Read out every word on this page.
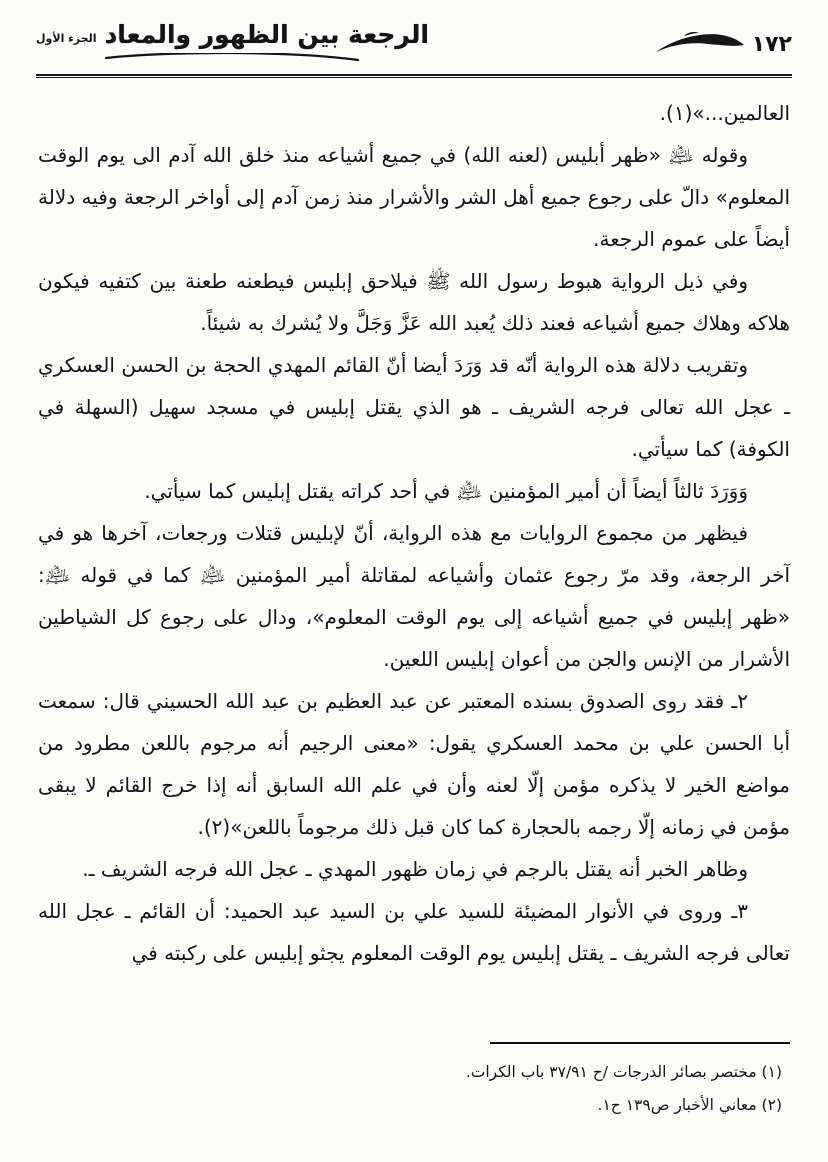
١٧٢
الرجعة بين الظهور والمعاد
الجزء الأول

العالمين...»(١).

وقوله ﵇ «ظهر أبليس (لعنه الله) في جميع أشياعه منذ خلق الله آدم الى يوم الوقت المعلوم» دالّ على رجوع جميع أهل الشر والأشرار منذ زمن آدم إلى أواخر الرجعة وفيه دلالة أيضاً على عموم الرجعة.

وفي ذيل الرواية هبوط رسول الله ﷺ فيلاحق إبليس فيطعنه طعنة بين كتفيه فيكون هلاكه وهلاك جميع أشياعه فعند ذلك يُعبد الله عَزَّ وَجَلَّ ولا يُشرك به شيئاً.

وتقريب دلالة هذه الرواية أنّه قد وَرَدَ أيضا أنّ القائم المهدي الحجة بن الحسن العسكري ـ عجل الله تعالى فرجه الشريف ـ هو الذي يقتل إبليس في مسجد سهيل (السهلة في الكوفة) كما سيأتي.

وَوَرَدَ ثالثاً أيضاً أن أمير المؤمنين ﵇ في أحد كراته يقتل إبليس كما سيأتي.

فيظهر من مجموع الروايات مع هذه الرواية، أنّ لإبليس قتلات ورجعات، آخرها هو في آخر الرجعة، وقد مرّ رجوع عثمان وأشياعه لمقاتلة أمير المؤمنين ﵇ كما في قوله ﵇: «ظهر إبليس في جميع أشياعه إلى يوم الوقت المعلوم»، ودال على رجوع كل الشياطين الأشرار من الإنس والجن من أعوان إبليس اللعين.

٢ـ فقد روى الصدوق بسنده المعتبر عن عبد العظيم بن عبد الله الحسيني قال: سمعت أبا الحسن علي بن محمد العسكري يقول: «معنى الرجيم أنه مرجوم باللعن مطرود من مواضع الخير لا يذكره مؤمن إلّا لعنه وأن في علم الله السابق أنه إذا خرج القائم لا يبقى مؤمن في زمانه إلّا رجمه بالحجارة كما كان قبل ذلك مرجوماً باللعن»(٢).

وظاهر الخبر أنه يقتل بالرجم في زمان ظهور المهدي ـ عجل الله فرجه الشريف ـ.

٣ـ وروى في الأنوار المضيئة للسيد علي بن السيد عبد الحميد: أن القائم ـ عجل الله تعالى فرجه الشريف ـ يقتل إبليس يوم الوقت المعلوم يجثو إبليس على ركبته في

(١) مختصر بصائر الدرجات /ح ٣٧/٩١ باب الكرات.

(٢) معاني الأخبار ص١٣٩ ح١.
